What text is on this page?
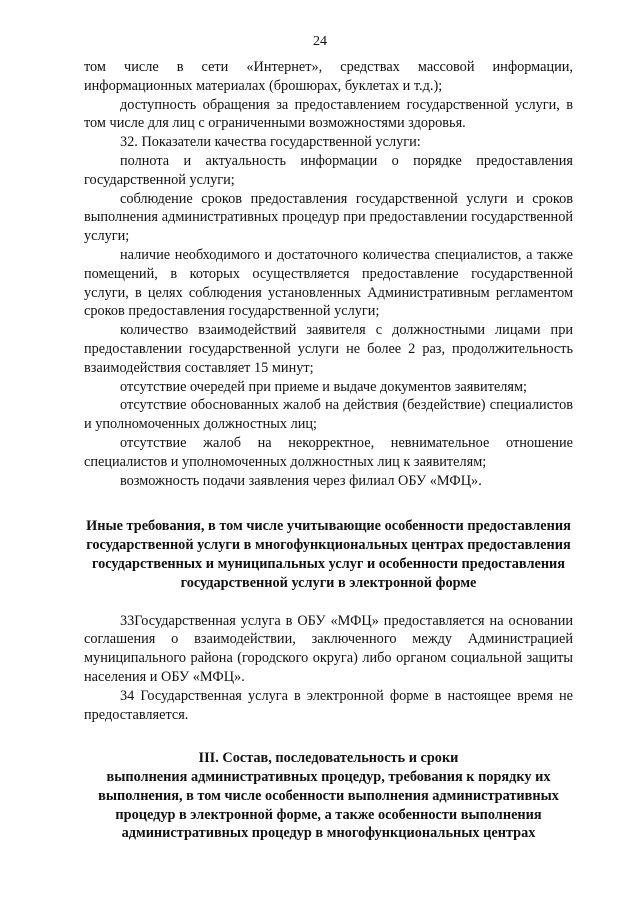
24

том числе в сети «Интернет», средствах массовой информации, информационных материалах (брошюрах, буклетах и т.д.);

доступность обращения за предоставлением государственной услуги, в том числе для лиц с ограниченными возможностями здоровья.

32. Показатели качества государственной услуги:

полнота и актуальность информации о порядке предоставления государственной услуги;

соблюдение сроков предоставления государственной услуги и сроков выполнения административных процедур при предоставлении государственной услуги;

наличие необходимого и достаточного количества специалистов, а также помещений, в которых осуществляется предоставление государственной услуги, в целях соблюдения установленных Административным регламентом сроков предоставления государственной услуги;

количество взаимодействий заявителя с должностными лицами при предоставлении государственной услуги не более 2 раз, продолжительность взаимодействия составляет 15 минут;

отсутствие очередей при приеме и выдаче документов заявителям;

отсутствие обоснованных жалоб на действия (бездействие) специалистов и уполномоченных должностных лиц;

отсутствие жалоб на некорректное, невнимательное отношение специалистов и уполномоченных должностных лиц к заявителям;

возможность подачи заявления через филиал ОБУ «МФЦ».

Иные требования, в том числе учитывающие особенности предоставления государственной услуги в многофункциональных центрах предоставления государственных и муниципальных услуг и особенности предоставления государственной услуги в электронной форме

33Государственная услуга в ОБУ «МФЦ» предоставляется на основании соглашения о взаимодействии, заключенного между Администрацией муниципального района (городского округа) либо органом социальной защиты населения и ОБУ «МФЦ».

34 Государственная услуга в электронной форме в настоящее время не предоставляется.

III. Состав, последовательность и сроки
выполнения административных процедур, требования к порядку их выполнения, в том числе особенности выполнения административных процедур в электронной форме, а также особенности выполнения административных процедур в многофункциональных центрах
